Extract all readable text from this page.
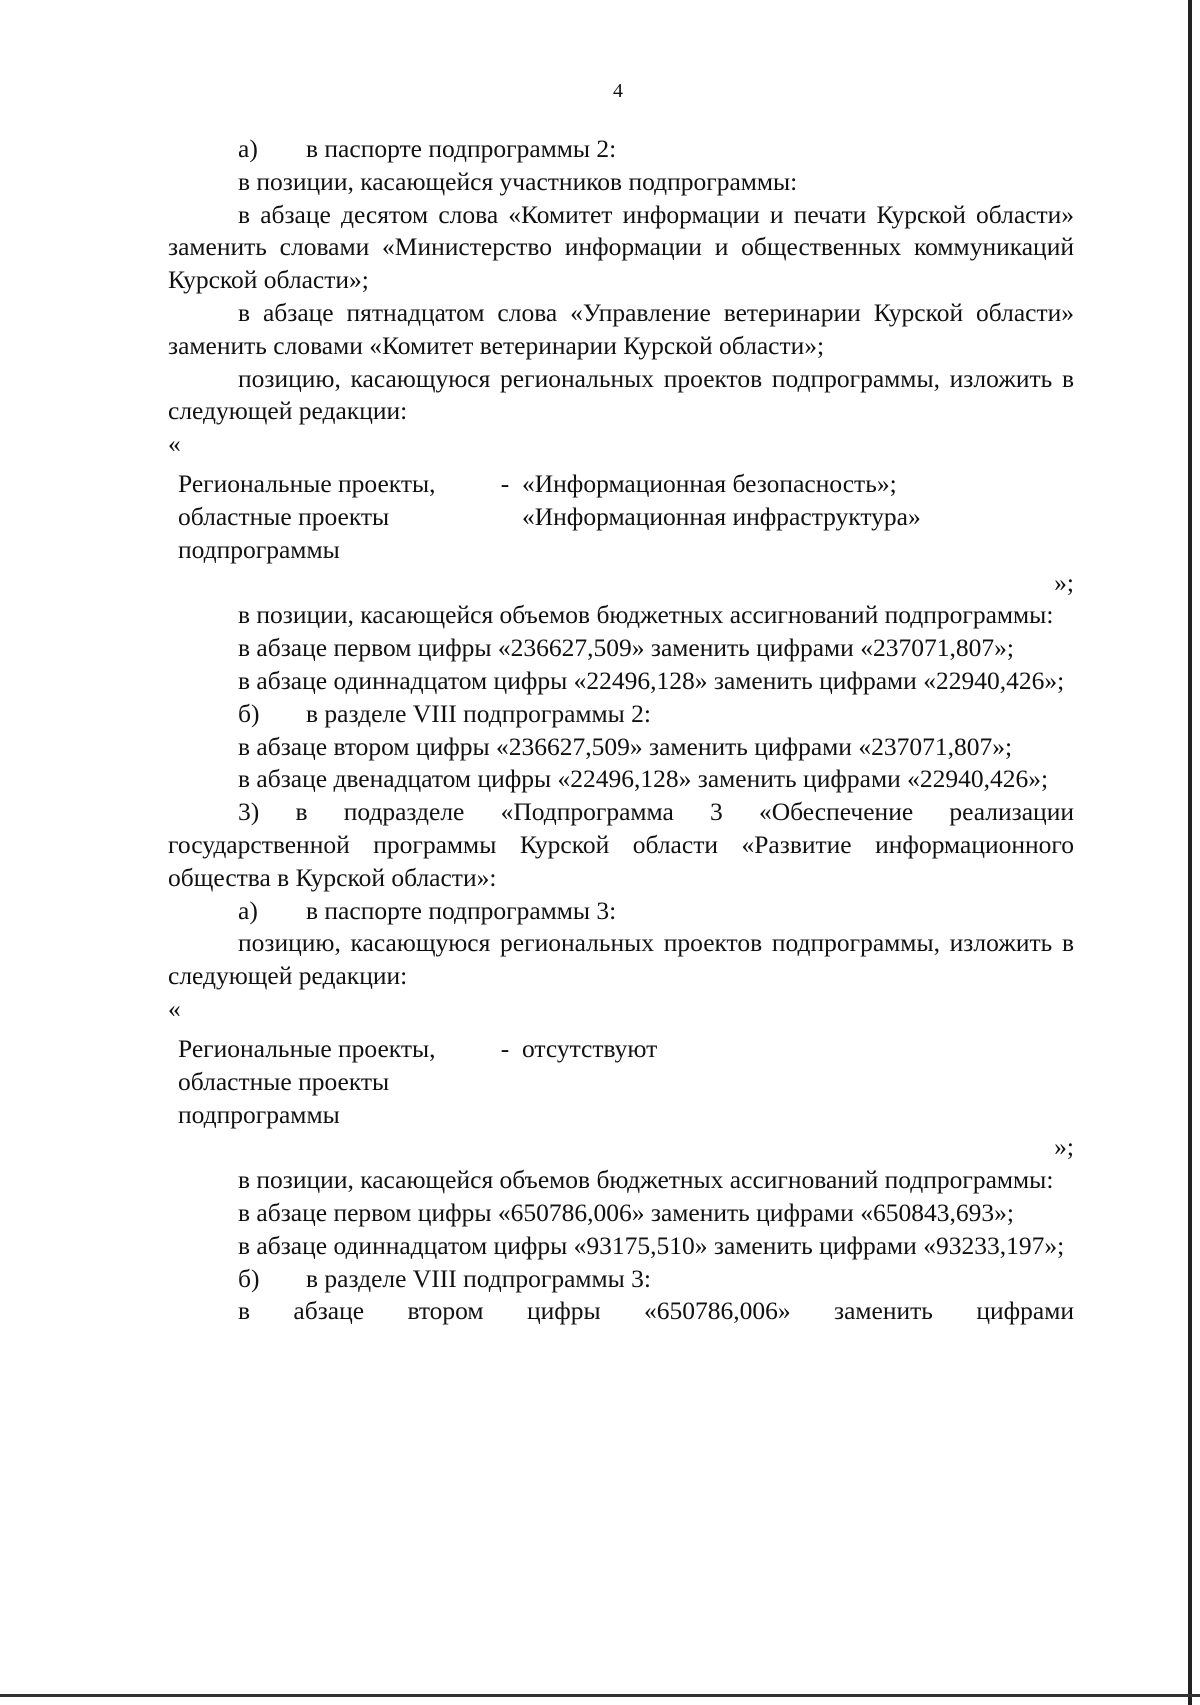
4

а) в паспорте подпрограммы 2:

в позиции, касающейся участников подпрограммы:

в абзаце десятом слова «Комитет информации и печати Курской области» заменить словами «Министерство информации и общественных коммуникаций Курской области»;

в абзаце пятнадцатом слова «Управление ветеринарии Курской области» заменить словами «Комитет ветеринарии Курской области»;

позицию, касающуюся региональных проектов подпрограммы, изложить в следующей редакции:

«

Региональные проекты,
областные проекты
подпрограммы
	-	«Информационная безопасность»;
«Информационная инфраструктура»

»;

в позиции, касающейся объемов бюджетных ассигнований подпрограммы:

в абзаце первом цифры «236627,509» заменить цифрами «237071,807»;

в абзаце одиннадцатом цифры «22496,128» заменить цифрами «22940,426»;

б) в разделе VIII подпрограммы 2:

в абзаце втором цифры «236627,509» заменить цифрами «237071,807»;

в абзаце двенадцатом цифры «22496,128» заменить цифрами «22940,426»;

3) в подразделе «Подпрограмма 3 «Обеспечение реализации государственной программы Курской области «Развитие информационного общества в Курской области»:

а) в паспорте подпрограммы 3:

позицию, касающуюся региональных проектов подпрограммы, изложить в следующей редакции:

«

Региональные проекты,
областные проекты
подпрограммы
	-	отсутствуют

»;

в позиции, касающейся объемов бюджетных ассигнований подпрограммы:

в абзаце первом цифры «650786,006» заменить цифрами «650843,693»;

в абзаце одиннадцатом цифры «93175,510» заменить цифрами «93233,197»;

б) в разделе VIII подпрограммы 3:

в абзаце втором цифры «650786,006» заменить цифрами
